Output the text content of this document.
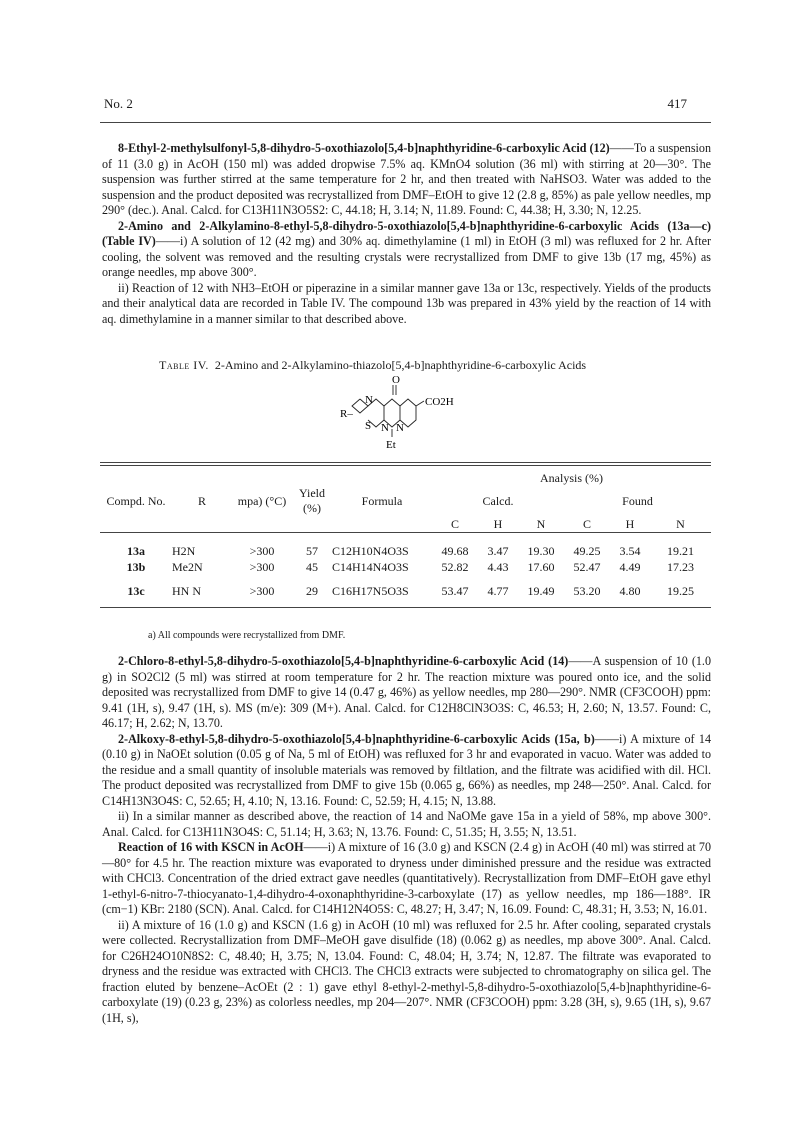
No. 2	417

8-Ethyl-2-methylsulfonyl-5,8-dihydro-5-oxothiazolo[5,4-b]naphthyridine-6-carboxylic Acid (12)——To a suspension of 11 (3.0 g) in AcOH (150 ml) was added dropwise 7.5% aq. KMnO4 solution (36 ml) with stirring at 20—30°. The suspension was further stirred at the same temperature for 2 hr, and then treated with NaHSO3. Water was added to the suspension and the product deposited was recrystallized from DMF–EtOH to give 12 (2.8 g, 85%) as pale yellow needles, mp 290° (dec.). Anal. Calcd. for C13H11N3O5S2: C, 44.18; H, 3.14; N, 11.89. Found: C, 44.38; H, 3.30; N, 12.25.

2-Amino and 2-Alkylamino-8-ethyl-5,8-dihydro-5-oxothiazolo[5,4-b]naphthyridine-6-carboxylic Acids (13a—c) (Table IV)——i) A solution of 12 (42 mg) and 30% aq. dimethylamine (1 ml) in EtOH (3 ml) was refluxed for 2 hr. After cooling, the solvent was removed and the resulting crystals were recrystallized from DMF to give 13b (17 mg, 45%) as orange needles, mp above 300°.

ii) Reaction of 12 with NH3–EtOH or piperazine in a similar manner gave 13a or 13c, respectively. Yields of the products and their analytical data are recorded in Table IV. The compound 13b was prepared in 43% yield by the reaction of 14 with aq. dimethylamine in a manner similar to that described above.

Table IV. 2-Amino and 2-Alkylamino-thiazolo[5,4-b]naphthyridine-6-carboxylic Acids
O
CO2H
R–
N
S N N
Et
					Analysis (%)					
Compd. No.	R	mpa) (°C)	Yield (%)	Formula	Calcd.			Found		
					C	H	N	C	H	N

13a	H2N	>300	57	C12H10N4O3S	49.68	3.47	19.30	49.25	3.54	19.21
13b	Me2N	>300	45	C14H14N4O3S	52.82	4.43	17.60	52.47	4.49	17.23

13c	HN N	>300	29	C16H17N5O3S	53.47	4.77	19.49	53.20	4.80	19.25

a) All compounds were recrystallized from DMF.

2-Chloro-8-ethyl-5,8-dihydro-5-oxothiazolo[5,4-b]naphthyridine-6-carboxylic Acid (14)——A suspension of 10 (1.0 g) in SO2Cl2 (5 ml) was stirred at room temperature for 2 hr. The reaction mixture was poured onto ice, and the solid deposited was recrystallized from DMF to give 14 (0.47 g, 46%) as yellow needles, mp 280—290°. NMR (CF3COOH) ppm: 9.41 (1H, s), 9.47 (1H, s). MS (m/e): 309 (M+). Anal. Calcd. for C12H8ClN3O3S: C, 46.53; H, 2.60; N, 13.57. Found: C, 46.17; H, 2.62; N, 13.70.

2-Alkoxy-8-ethyl-5,8-dihydro-5-oxothiazolo[5,4-b]naphthyridine-6-carboxylic Acids (15a, b)——i) A mixture of 14 (0.10 g) in NaOEt solution (0.05 g of Na, 5 ml of EtOH) was refluxed for 3 hr and evaporated in vacuo. Water was added to the residue and a small quantity of insoluble materials was removed by filtlation, and the filtrate was acidified with dil. HCl. The product deposited was recrystallized from DMF to give 15b (0.065 g, 66%) as needles, mp 248—250°. Anal. Calcd. for C14H13N3O4S: C, 52.65; H, 4.10; N, 13.16. Found: C, 52.59; H, 4.15; N, 13.88.

ii) In a similar manner as described above, the reaction of 14 and NaOMe gave 15a in a yield of 58%, mp above 300°. Anal. Calcd. for C13H11N3O4S: C, 51.14; H, 3.63; N, 13.76. Found: C, 51.35; H, 3.55; N, 13.51.

Reaction of 16 with KSCN in AcOH——i) A mixture of 16 (3.0 g) and KSCN (2.4 g) in AcOH (40 ml) was stirred at 70—80° for 4.5 hr. The reaction mixture was evaporated to dryness under diminished pressure and the residue was extracted with CHCl3. Concentration of the dried extract gave needles (quantitatively). Recrystallization from DMF–EtOH gave ethyl 1-ethyl-6-nitro-7-thiocyanato-1,4-dihydro-4-oxonaphthyridine-3-carboxylate (17) as yellow needles, mp 186—188°. IR (cm−1) KBr: 2180 (SCN). Anal. Calcd. for C14H12N4O5S: C, 48.27; H, 3.47; N, 16.09. Found: C, 48.31; H, 3.53; N, 16.01.

ii) A mixture of 16 (1.0 g) and KSCN (1.6 g) in AcOH (10 ml) was refluxed for 2.5 hr. After cooling, separated crystals were collected. Recrystallization from DMF–MeOH gave disulfide (18) (0.062 g) as needles, mp above 300°. Anal. Calcd. for C26H24O10N8S2: C, 48.40; H, 3.75; N, 13.04. Found: C, 48.04; H, 3.74; N, 12.87. The filtrate was evaporated to dryness and the residue was extracted with CHCl3. The CHCl3 extracts were subjected to chromatography on silica gel. The fraction eluted by benzene–AcOEt (2 : 1) gave ethyl 8-ethyl-2-methyl-5,8-dihydro-5-oxothiazolo[5,4-b]naphthyridine-6-carboxylate (19) (0.23 g, 23%) as colorless needles, mp 204—207°. NMR (CF3COOH) ppm: 3.28 (3H, s), 9.65 (1H, s), 9.67 (1H, s),
